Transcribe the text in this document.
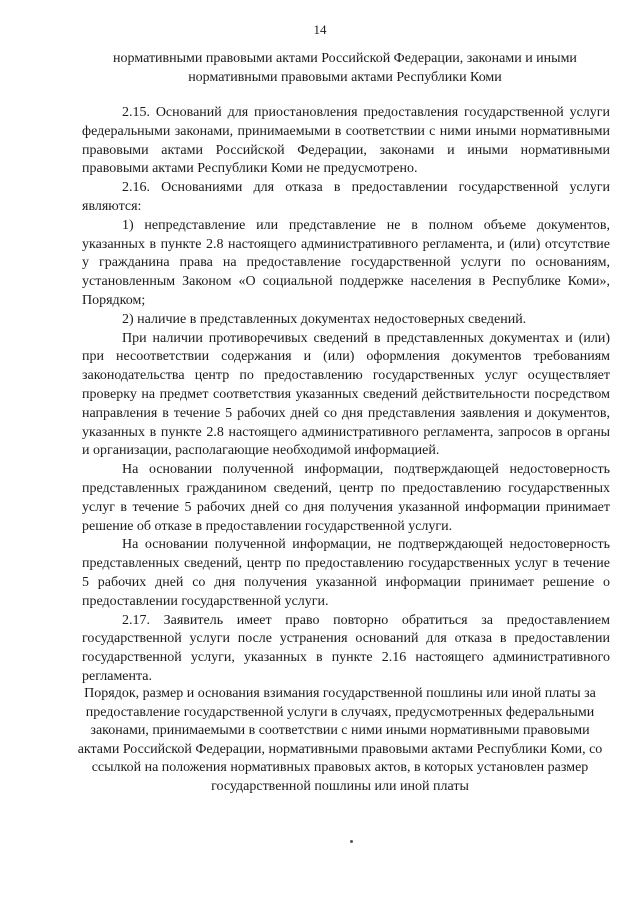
14
нормативными правовыми актами Российской Федерации, законами и иными нормативными правовыми актами Республики Коми

2.15. Оснований для приостановления предоставления государственной услуги федеральными законами, принимаемыми в соответствии с ними иными нормативными правовыми актами Российской Федерации, законами и иными нормативными правовыми актами Республики Коми не предусмотрено.

2.16. Основаниями для отказа в предоставлении государственной услуги являются:

1) непредставление или представление не в полном объеме документов, указанных в пункте 2.8 настоящего административного регламента, и (или) отсутствие у гражданина права на предоставление государственной услуги по основаниям, установленным Законом «О социальной поддержке населения в Республике Коми», Порядком;

2) наличие в представленных документах недостоверных сведений.

При наличии противоречивых сведений в представленных документах и (или) при несоответствии содержания и (или) оформления документов требованиям законодательства центр по предоставлению государственных услуг осуществляет проверку на предмет соответствия указанных сведений действительности посредством направления в течение 5 рабочих дней со дня представления заявления и документов, указанных в пункте 2.8 настоящего административного регламента, запросов в органы и организации, располагающие необходимой информацией.

На основании полученной информации, подтверждающей недостоверность представленных гражданином сведений, центр по предоставлению государственных услуг в течение 5 рабочих дней со дня получения указанной информации принимает решение об отказе в предоставлении государственной услуги.

На основании полученной информации, не подтверждающей недостоверность представленных сведений, центр по предоставлению государственных услуг в течение 5 рабочих дней со дня получения указанной информации принимает решение о предоставлении государственной услуги.

2.17. Заявитель имеет право повторно обратиться за предоставлением государственной услуги после устранения оснований для отказа в предоставлении государственной услуги, указанных в пункте 2.16 настоящего административного регламента.

Порядок, размер и основания взимания государственной пошлины или иной платы за предоставление государственной услуги в случаях, предусмотренных федеральными законами, принимаемыми в соответствии с ними иными нормативными правовыми актами Российской Федерации, нормативными правовыми актами Республики Коми, со ссылкой на положения нормативных правовых актов, в которых установлен размер государственной пошлины или иной платы
